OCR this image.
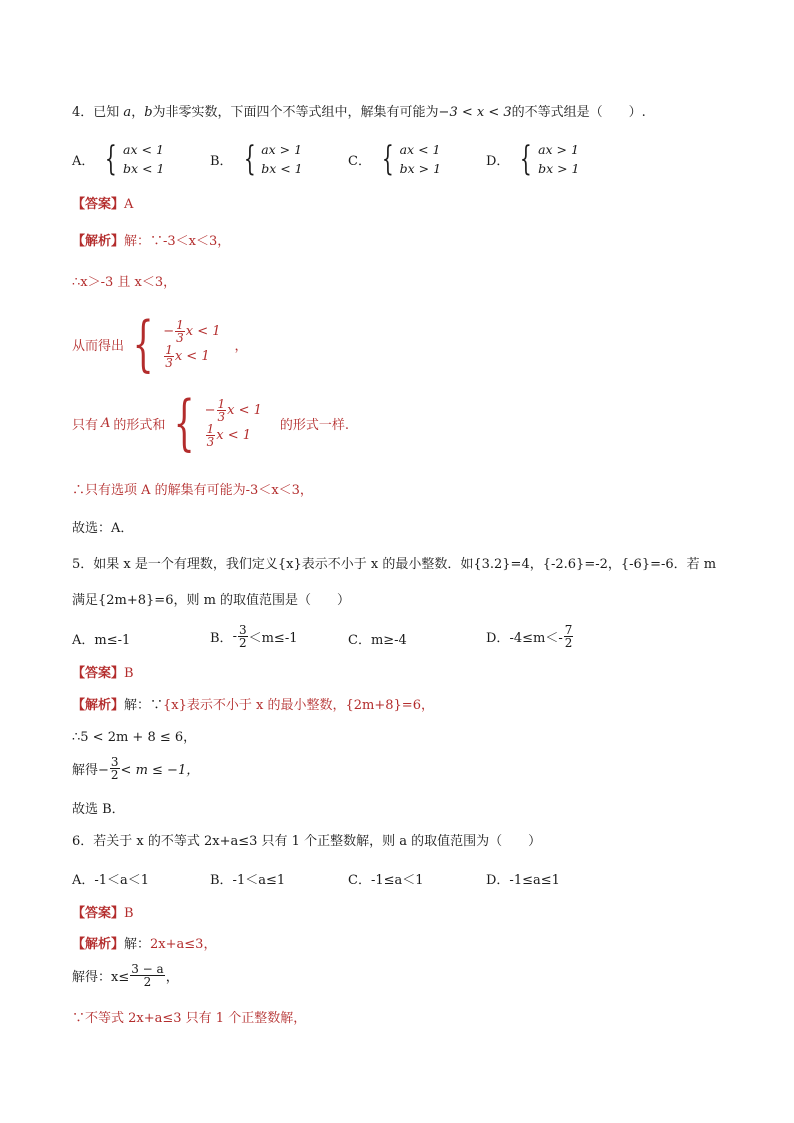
4．已知 a，b为非零实数，下面四个不等式组中，解集有可能为−3 < x < 3的不等式组是（　　）.
A． { ax < 1
bx < 1	B． { ax > 1
bx < 1	C． { ax < 1
bx > 1	D． { ax > 1
bx > 1
【答案】A
【解析】解：∵-3＜x＜3，
∴x＞-3 且 x＜3，
从而得出 { − $\frac{1}{3}$ x < 1
$\frac{1}{3}$ x < 1
，
只有 A 的形式和 { − $\frac{1}{3}$ x < 1
$\frac{1}{3}$ x < 1
的形式一样.
∴只有选项 A 的解集有可能为-3＜x＜3，
故选：A．
5．如果 x 是一个有理数，我们定义{x}表示不小于 x 的最小整数．如{3.2}=4，{-2.6}=-2，{-6}=-6．若 m
满足{2m+8}=6，则 m 的取值范围是（　　）
A．m≤-1	B． - $\frac{3}{2} <m\le-1$	C．m≥-4	D． $-4\le m<- \frac{7}{2}$
【答案】B
【解析】解：∵{x}表示不小于 x 的最小整数，{2m+8}=6，
∴5 < 2m + 8 ≤ 6，
解得− $\frac{3}{2} < m \le -1$，
故选 B．
6．若关于 x 的不等式 2x+a≤3 只有 1 个正整数解，则 a 的取值范围为（　　）
A．-1＜a＜1	B．-1＜a≤1	C．-1≤a＜1	D．-1≤a≤1
【答案】B
【解析】解：2x+a≤3，
解得：$x\le \frac{3 - a}{2}$ ，
∵不等式 2x+a≤3 只有 1 个正整数解，
